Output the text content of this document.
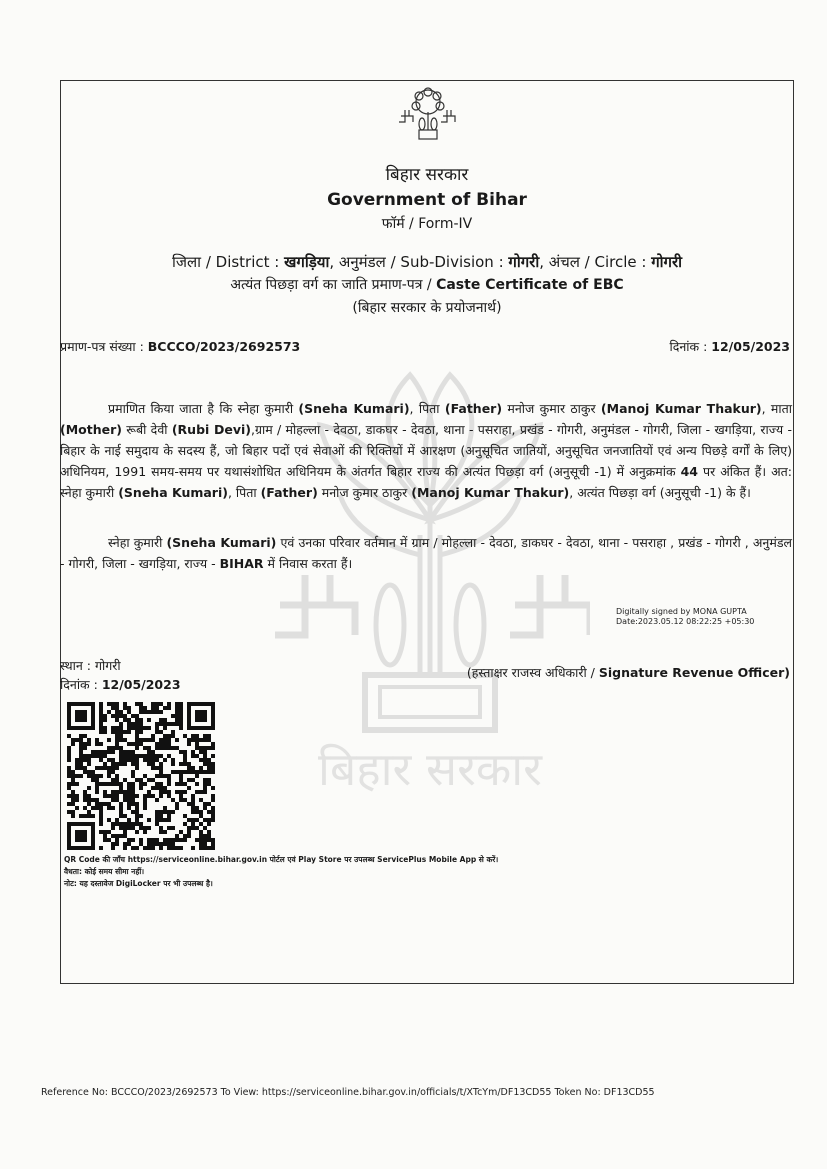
बिहार सरकार
बिहार सरकार
Government of Bihar
फॉर्म / Form-IV
जिला / District : खगड़िया, अनुमंडल / Sub-Division : गोगरी, अंचल / Circle : गोगरी
अत्यंत पिछड़ा वर्ग का जाति प्रमाण-पत्र / Caste Certificate of EBC
(बिहार सरकार के प्रयोजनार्थ)
प्रमाण-पत्र संख्या : BCCCO/2023/2692573	दिनांक : 12/05/2023
प्रमाणित किया जाता है कि स्नेहा कुमारी (Sneha Kumari), पिता (Father) मनोज कुमार ठाकुर (Manoj Kumar Thakur), माता (Mother) रूबी देवी (Rubi Devi),ग्राम / मोहल्ला - देवठा, डाकघर - देवठा, थाना - पसराहा, प्रखंड - गोगरी, अनुमंडल - गोगरी, जिला - खगड़िया, राज्य - बिहार के नाई समुदाय के सदस्य हैं, जो बिहार पदों एवं सेवाओं की रिक्तियों में आरक्षण (अनुसूचित जातियों, अनुसूचित जनजातियों एवं अन्य पिछड़े वर्गों के लिए) अधिनियम, 1991 समय-समय पर यथासंशोधित अधिनियम के अंतर्गत बिहार राज्य की अत्यंत पिछड़ा वर्ग (अनुसूची -1) में अनुक्रमांक 44 पर अंकित हैं। अत: स्नेहा कुमारी (Sneha Kumari), पिता (Father) मनोज कुमार ठाकुर (Manoj Kumar Thakur), अत्यंत पिछड़ा वर्ग (अनुसूची -1) के हैं।
स्नेहा कुमारी (Sneha Kumari) एवं उनका परिवार वर्तमान में ग्राम / मोहल्ला - देवठा, डाकघर - देवठा, थाना - पसराहा , प्रखंड - गोगरी , अनुमंडल - गोगरी, जिला - खगड़िया, राज्य - BIHAR में निवास करता हैं।
Digitally signed by MONA GUPTA
Date:2023.05.12 08:22:25 +05:30
(हस्ताक्षर राजस्व अधिकारी / Signature Revenue Officer)
स्थान : गोगरी
दिनांक : 12/05/2023
QR Code की जाँच https://serviceonline.bihar.gov.in पोर्टल एवं Play Store पर उपलब्ध ServicePlus Mobile App से करें।
वैधता: कोई समय सीमा नहीं।
नोट: यह दस्तावेज DigiLocker पर भी उपलब्ध है।
Reference No: BCCCO/2023/2692573 To View: https://serviceonline.bihar.gov.in/officials/t/XTcYm/DF13CD55 Token No: DF13CD55
